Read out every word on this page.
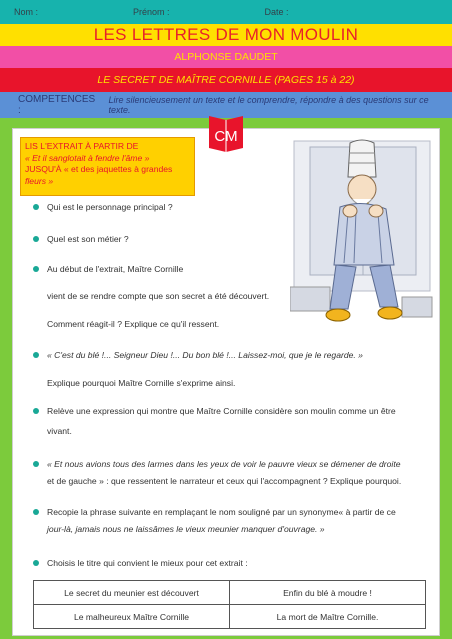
Nom :	Prénom :	Date :
LES LETTRES DE MON MOULIN
ALPHONSE DAUDET
LE SECRET DE MAÎTRE CORNILLE (PAGES 15 à 22)
COMPETENCES :
Lire silencieusement un texte et le comprendre, répondre à des questions sur ce texte.
CM
LIS L'EXTRAIT À PARTIR DE
« Et il sanglotait à fendre l'âme »
JUSQU'À « et des jaquettes à grandes
fleurs »
Qui est le personnage principal ?
Quel est son métier ?
Au début de l'extrait, Maître Cornille
vient de se rendre compte que son secret a été découvert.
Comment réagit-il ? Explique ce qu'il ressent.
« C'est du blé !... Seigneur Dieu !... Du bon blé !... Laissez-moi, que je le regarde. »
Explique pourquoi Maître Cornille s'exprime ainsi.
Relève une expression qui montre que Maître Cornille considère son moulin comme un être
vivant.
« Et nous avions tous des larmes dans les yeux de voir le pauvre vieux se démener de droite
et de gauche » : que ressentent le narrateur et ceux qui l'accompagnent ? Explique pourquoi.
Recopie la phrase suivante en remplaçant le nom souligné par un synonyme« à partir de ce
jour-là, jamais nous ne laissâmes le vieux meunier manquer d'ouvrage. »
Choisis le titre qui convient le mieux pour cet extrait :
Le secret du meunier est découvert	Enfin du blé à moudre !
Le malheureux Maître Cornille	La mort de Maître Cornille.
